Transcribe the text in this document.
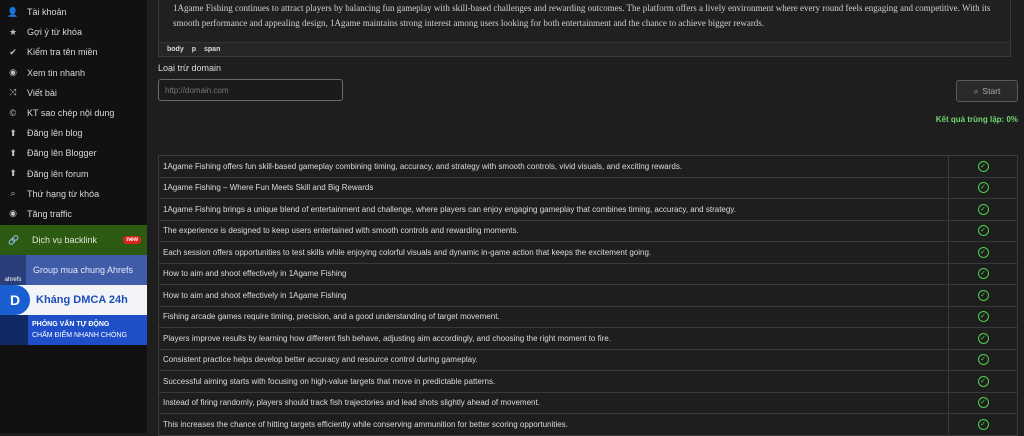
👤 Tài khoản
★	Gợi ý từ khóa
✔	Kiểm tra tên miền
◉	Xem tin nhanh
⤨	Viết bài
©	KT sao chép nội dung
⬆	Đăng lên blog
⬆	Đăng lên Blogger
⬆	Đăng lên forum
⌕	Thứ hạng từ khóa
◉	Tăng traffic
🔗	Dịch vụ backlink	new
ahrefs
Group mua chung Ahrefs
D	Kháng DMCA 24h
PHỎNG VẤN TỰ ĐỘNG
CHẤM ĐIỂM NHANH CHÓNG
1Agame Fishing continues to attract players by balancing fun gameplay with skill-based challenges and rewarding outcomes. The platform offers a lively environment where every round feels engaging and competitive. With its
smooth performance and appealing design, 1Agame maintains strong interest among users looking for both entertainment and the chance to achieve bigger rewards.
body p span
Loại trừ domain
http://domain.com
⌕ Start
Kết quả trùng lặp: 0%
1Agame Fishing offers fun skill-based gameplay combining timing, accuracy, and strategy with smooth controls, vivid visuals, and exciting rewards.	✓
1Agame Fishing – Where Fun Meets Skill and Big Rewards	✓
1Agame Fishing brings a unique blend of entertainment and challenge, where players can enjoy engaging gameplay that combines timing, accuracy, and strategy.	✓
The experience is designed to keep users entertained with smooth controls and rewarding moments.	✓
Each session offers opportunities to test skills while enjoying colorful visuals and dynamic in-game action that keeps the excitement going.	✓
How to aim and shoot effectively in 1Agame Fishing	✓
How to aim and shoot effectively in 1Agame Fishing	✓
Fishing arcade games require timing, precision, and a good understanding of target movement.	✓
Players improve results by learning how different fish behave, adjusting aim accordingly, and choosing the right moment to fire.	✓
Consistent practice helps develop better accuracy and resource control during gameplay.	✓
Successful aiming starts with focusing on high-value targets that move in predictable patterns.	✓
Instead of firing randomly, players should track fish trajectories and lead shots slightly ahead of movement.	✓
This increases the chance of hitting targets efficiently while conserving ammunition for better scoring opportunities.	✓
